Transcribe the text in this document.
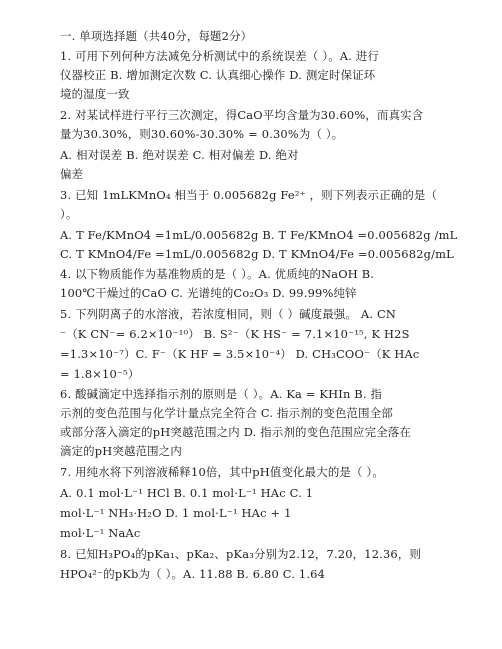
一. 单项选择题（共40分，每题2分）
1. 可用下列何种方法减免分析测试中的系统误差（ ）。A. 进行
仪器校正 B. 增加测定次数 C. 认真细心操作 D. 测定时保证环
境的湿度一致
2. 对某试样进行平行三次测定，得CaO平均含量为30.60%，而真实含
量为30.30%，则30.60%-30.30% = 0.30%为（ ）。
A. 相对误差 B. 绝对误差 C. 相对偏差 D. 绝对
偏差
3. 已知 1mLKMnO₄ 相当于 0.005682g Fe²⁺ ，则下列表示正确的是（
）。
A. T Fe/KMnO4 =1mL/0.005682g B. T Fe/KMnO4 =0.005682g /mL
C. T KMnO4/Fe =1mL/0.005682g D. T KMnO4/Fe =0.005682g/mL
4. 以下物质能作为基准物质的是（ ）。A. 优质纯的NaOH B.
100℃干燥过的CaO C. 光谱纯的Co₂O₃ D. 99.99%纯锌
5. 下列阴离子的水溶液，若浓度相同，则（ ）碱度最强。 A. CN
⁻（K CN⁻= 6.2×10⁻¹⁰） B. S²⁻（K HS⁻ = 7.1×10⁻¹⁵, K H2S
=1.3×10⁻⁷）C. F⁻（K HF = 3.5×10⁻⁴） D. CH₃COO⁻（K HAc
= 1.8×10⁻⁵）
6. 酸碱滴定中选择指示剂的原则是（ ）。A. Ka = KHIn B. 指
示剂的变色范围与化学计量点完全符合 C. 指示剂的变色范围全部
或部分落入滴定的pH突越范围之内 D. 指示剂的变色范围应完全落在
滴定的pH突越范围之内
7. 用纯水将下列溶液稀释10倍，其中pH值变化最大的是（ ）。
A. 0.1 mol·L⁻¹ HCl B. 0.1 mol·L⁻¹ HAc C. 1
mol·L⁻¹ NH₃·H₂O D. 1 mol·L⁻¹ HAc + 1
mol·L⁻¹ NaAc
8. 已知H₃PO₄的pKa₁、pKa₂、pKa₃分别为2.12，7.20，12.36，则
HPO₄²⁻的pKb为（ ）。A. 11.88 B. 6.80 C. 1.64
